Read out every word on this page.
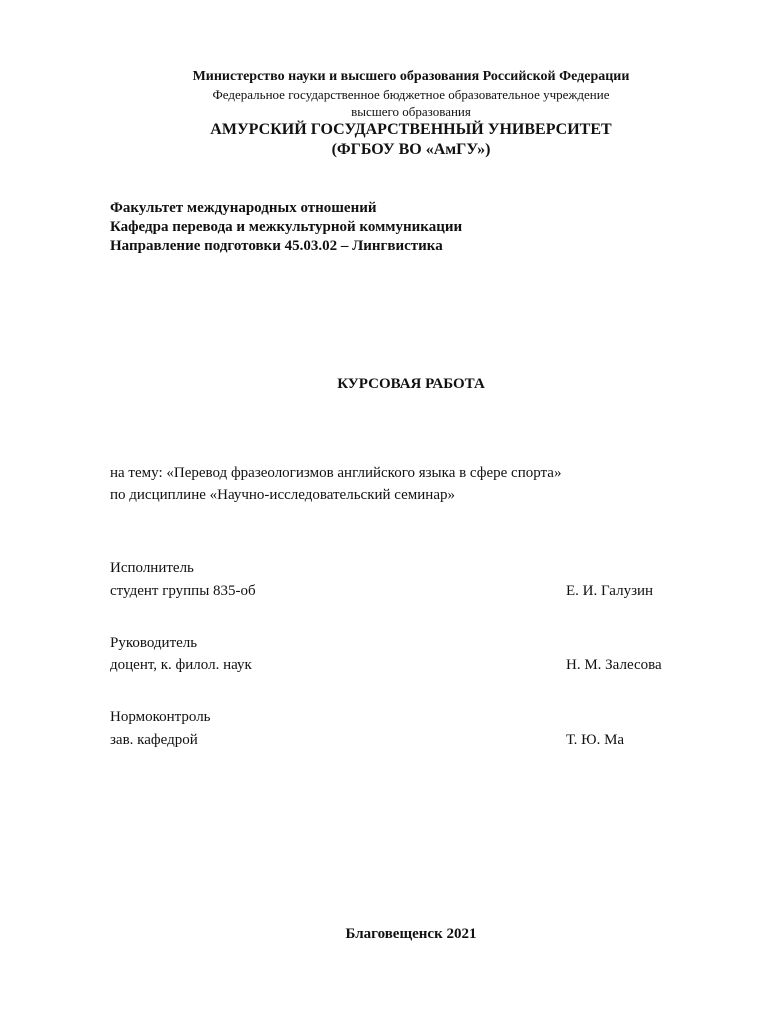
Министерство науки и высшего образования Российской Федерации
Федеральное государственное бюджетное образовательное учреждение
высшего образования
АМУРСКИЙ ГОСУДАРСТВЕННЫЙ УНИВЕРСИТЕТ
(ФГБОУ ВО «АмГУ»)
Факультет международных отношений
Кафедра перевода и межкультурной коммуникации
Направление подготовки 45.03.02 – Лингвистика
КУРСОВАЯ РАБОТА
на тему: «Перевод фразеологизмов английского языка в сфере спорта»
по дисциплине «Научно-исследовательский семинар»
Исполнитель
студент группы 835-об	Е. И. Галузин
Руководитель
доцент, к. филол. наук	Н. М. Залесова
Нормоконтроль
зав. кафедрой	Т. Ю. Ма
Благовещенск 2021
